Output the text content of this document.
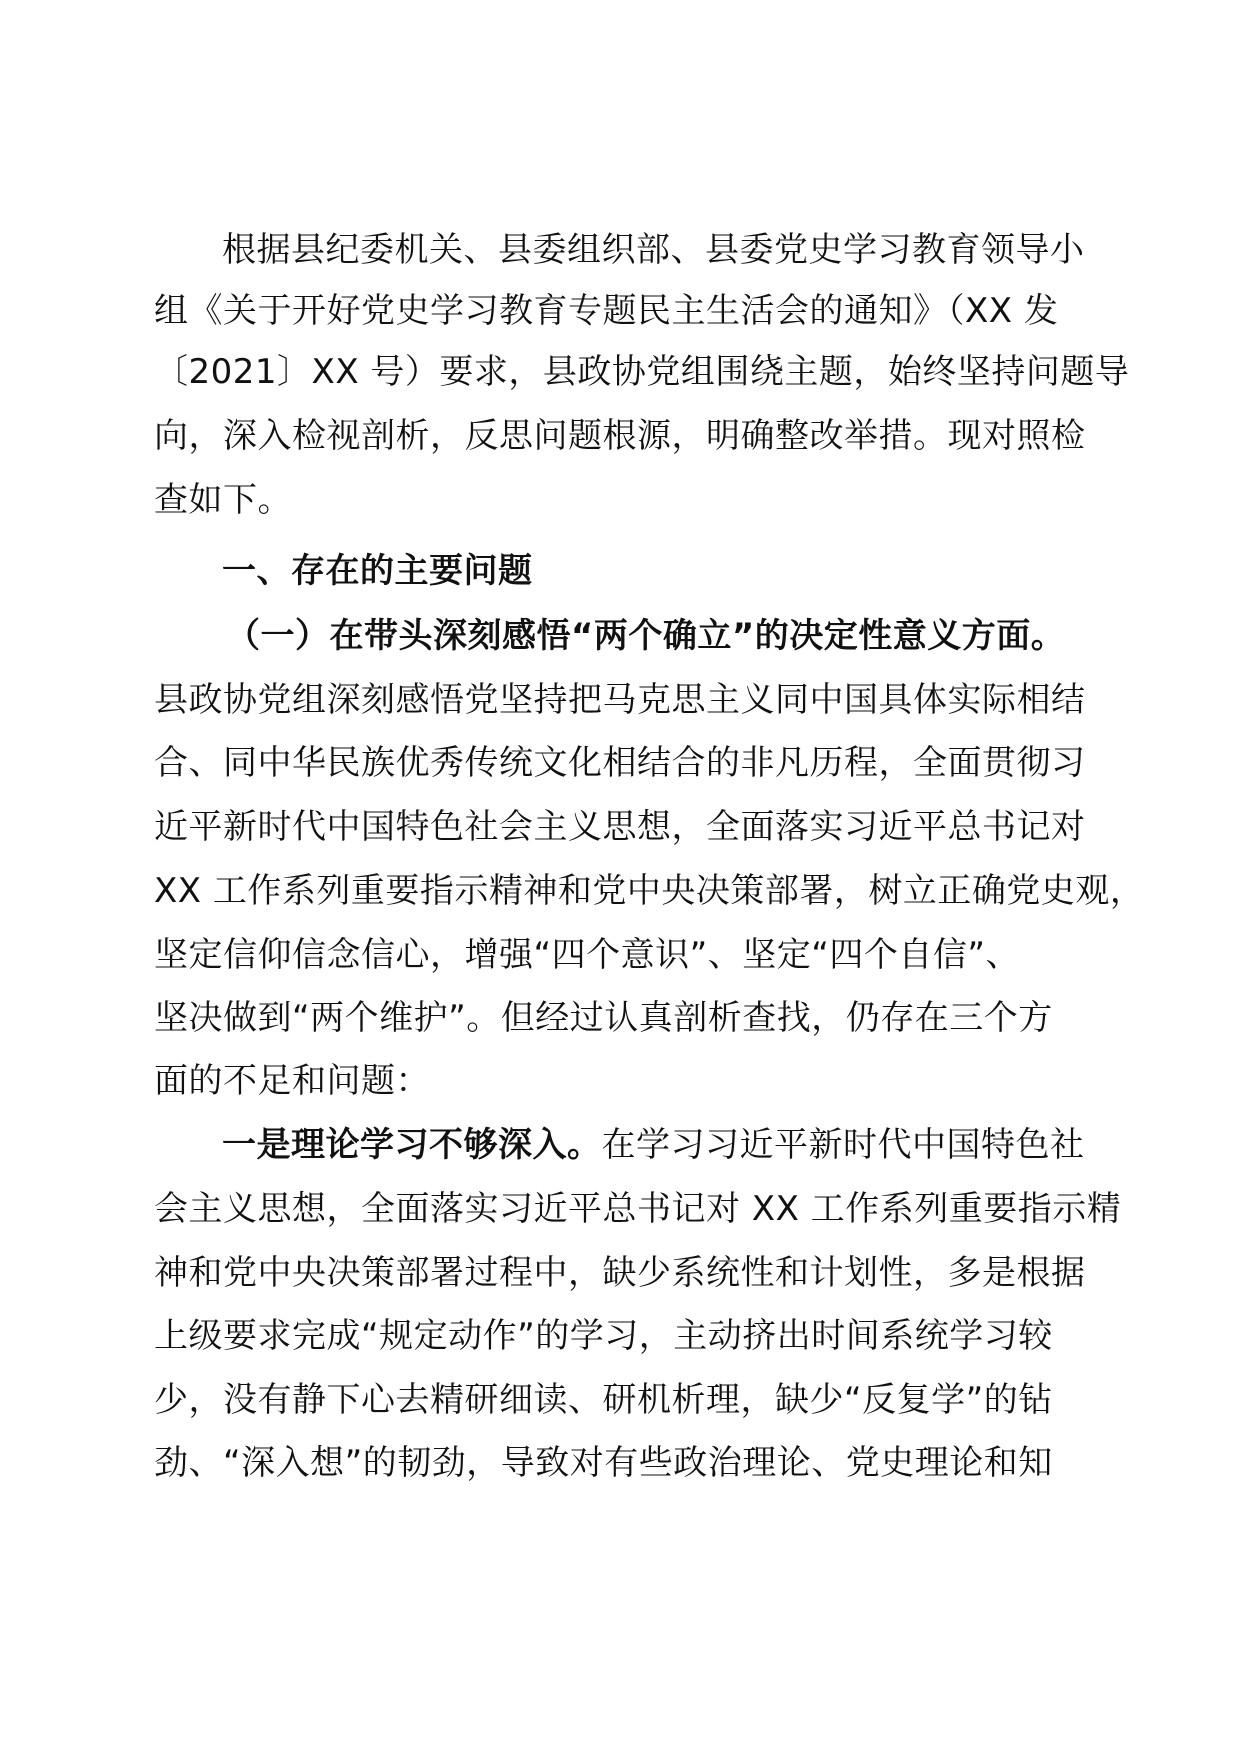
根据县纪委机关、县委组织部、县委党史学习教育领导小

组《关于开好党史学习教育专题民主生活会的通知》（XX 发

〔2021〕XX 号）要求，县政协党组围绕主题，始终坚持问题导

向，深入检视剖析，反思问题根源，明确整改举措。现对照检

查如下。

一、存在的主要问题

（一）在带头深刻感悟“两个确立”的决定性意义方面。

县政协党组深刻感悟党坚持把马克思主义同中国具体实际相结

合、同中华民族优秀传统文化相结合的非凡历程，全面贯彻习

近平新时代中国特色社会主义思想，全面落实习近平总书记对

XX 工作系列重要指示精神和党中央决策部署，树立正确党史观，

坚定信仰信念信心，增强“四个意识”、坚定“四个自信”、

坚决做到“两个维护”。但经过认真剖析查找，仍存在三个方

面的不足和问题：

一是理论学习不够深入。在学习习近平新时代中国特色社

会主义思想，全面落实习近平总书记对 XX 工作系列重要指示精

神和党中央决策部署过程中，缺少系统性和计划性，多是根据

上级要求完成“规定动作”的学习，主动挤出时间系统学习较

少，没有静下心去精研细读、研机析理，缺少“反复学”的钻

劲、“深入想”的韧劲，导致对有些政治理论、党史理论和知
